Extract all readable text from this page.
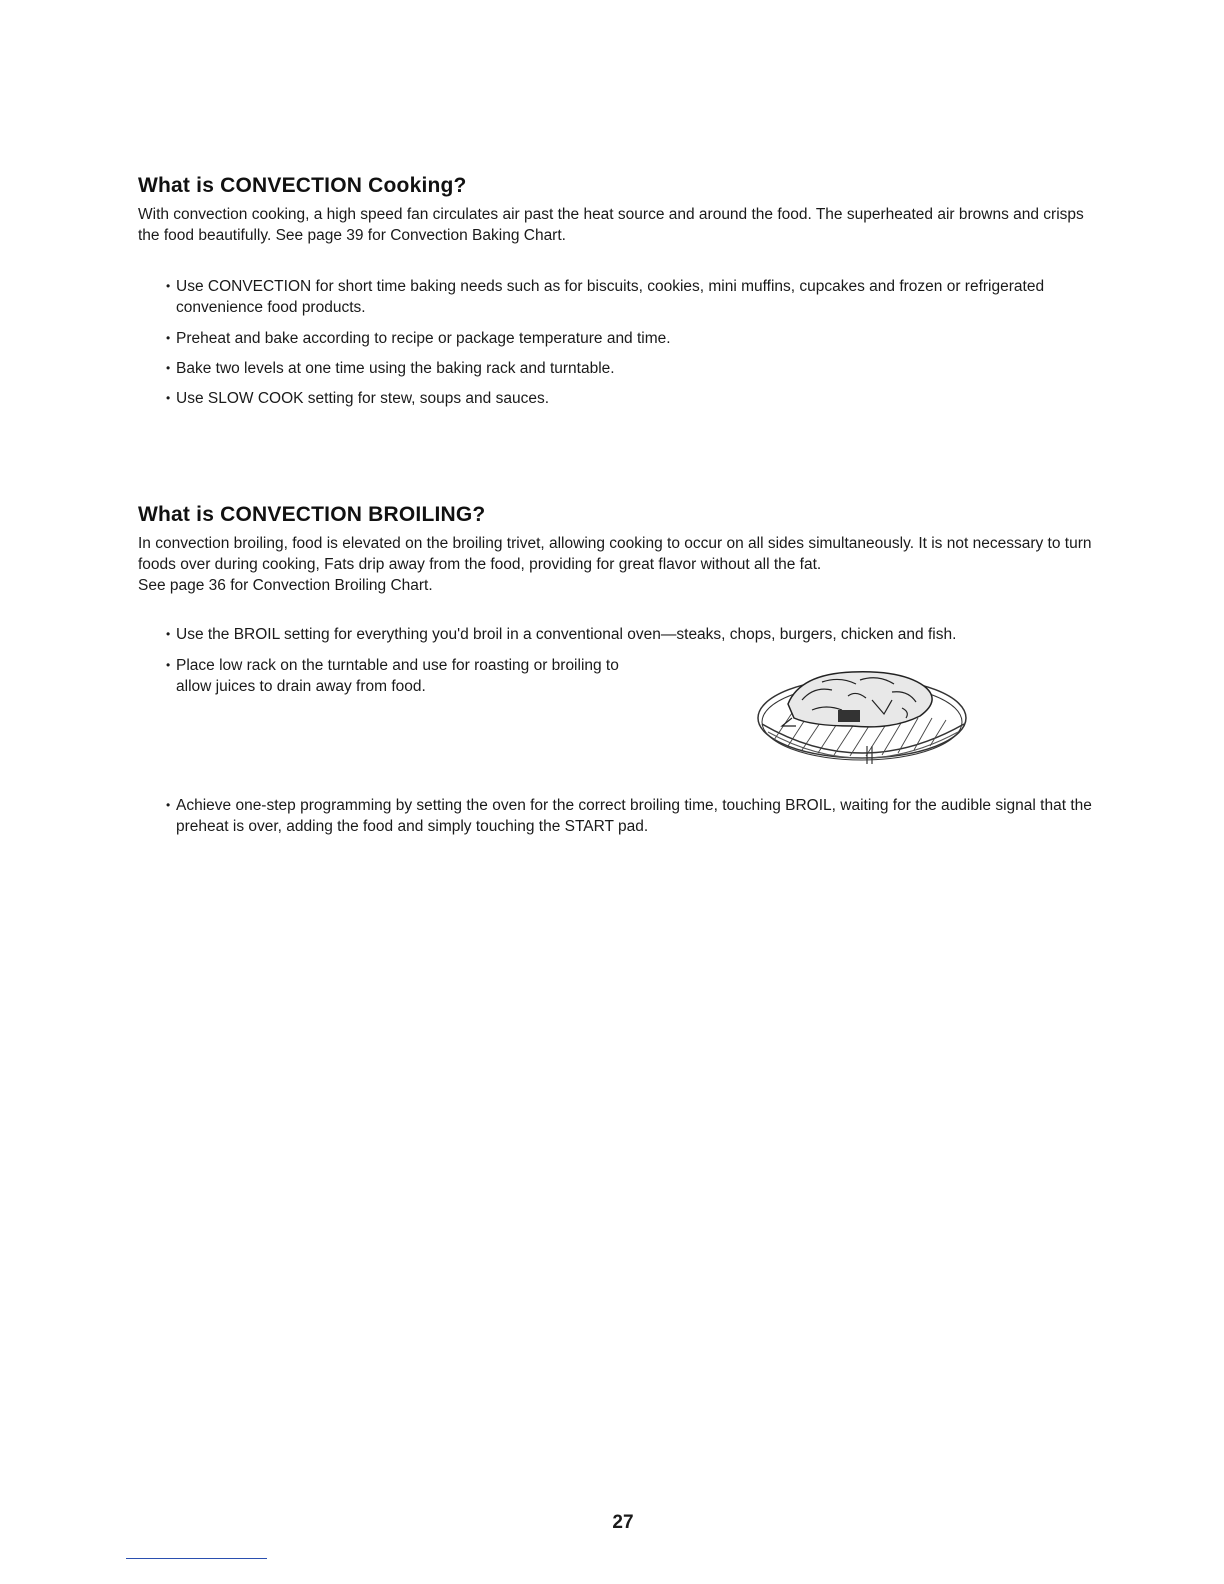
What is CONVECTION Cooking?

With convection cooking, a high speed fan circulates air past the heat source and around the food. The superheated air browns and crisps the food beautifully. See page 39 for Convection Baking Chart.

• Use CONVECTION for short time baking needs such as for biscuits, cookies, mini muffins, cupcakes and frozen or refrigerated convenience food products.
• Preheat and bake according to recipe or package temperature and time.
• Bake two levels at one time using the baking rack and turntable.
• Use SLOW COOK setting for stew, soups and sauces.
What is CONVECTION BROILING?

In convection broiling, food is elevated on the broiling trivet, allowing cooking to occur on all sides simultaneously. It is not necessary to turn foods over during cooking, Fats drip away from the food, providing for great flavor without all the fat.

See page 36 for Convection Broiling Chart.

• Use the BROIL setting for everything you'd broil in a conventional oven—steaks, chops, burgers, chicken and fish.
• Place low rack on the turntable and use for roasting or broiling to allow juices to drain away from food.
• Achieve one-step programming by setting the oven for the correct broiling time, touching BROIL, waiting for the audible signal that the preheat is over, adding the food and simply touching the START pad.
27
